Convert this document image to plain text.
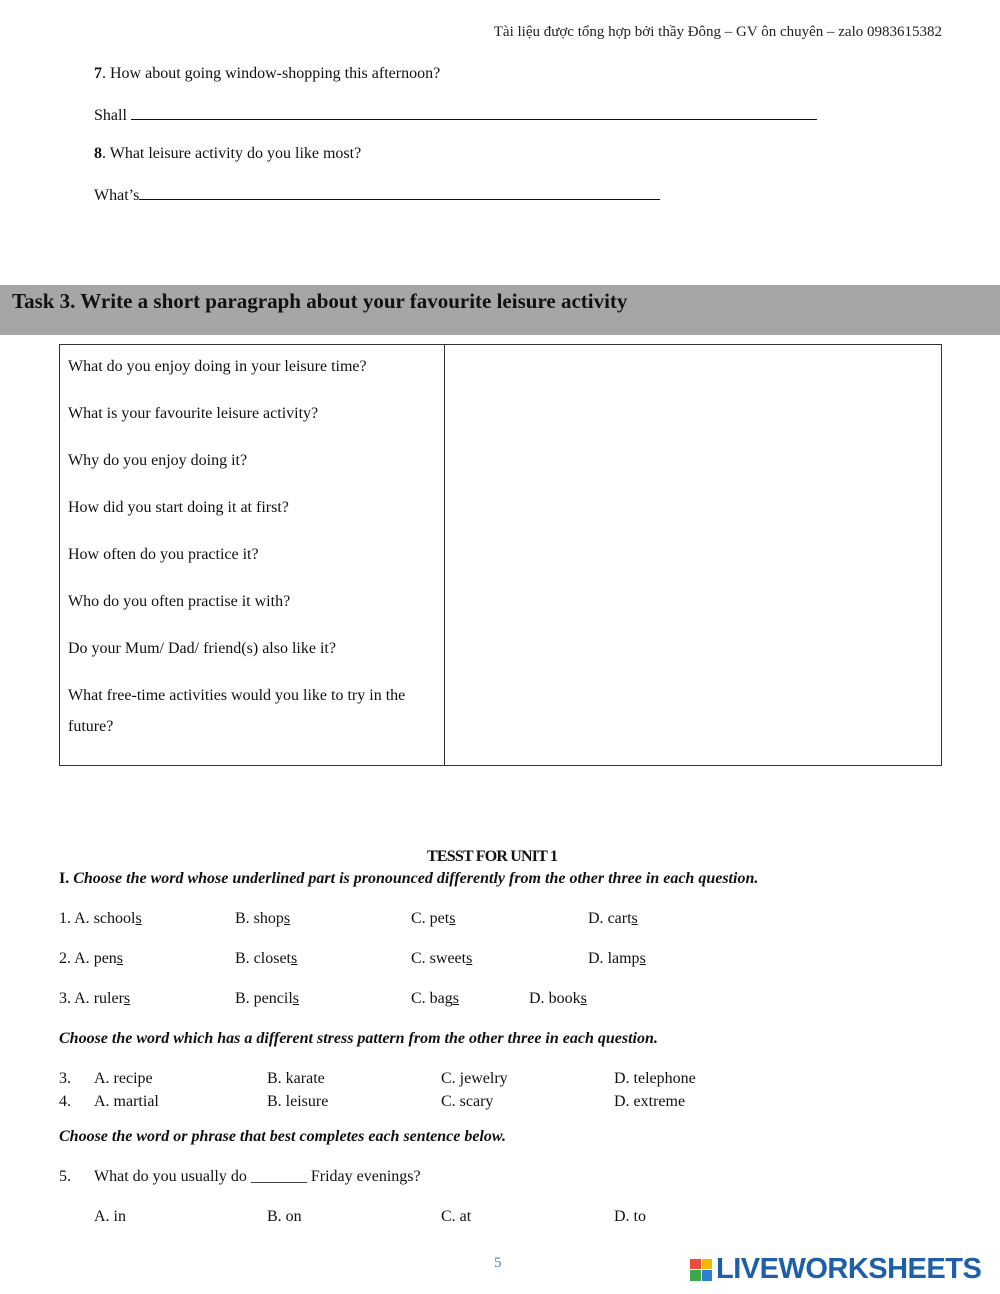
Tài liệu được tổng hợp bởi thầy Đông – GV ôn chuyên – zalo 0983615382
7. How about going window-shopping this afternoon?
Shall
8. What leisure activity do you like most?
What’s
Task 3. Write a short paragraph about your favourite leisure activity
What do you enjoy doing in your leisure time?
What is your favourite leisure activity?
Why do you enjoy doing it?
How did you start doing it at first?
How often do you practice it?
Who do you often practise it with?
Do your Mum/ Dad/ friend(s) also like it?
What free-time activities would you like to try in the future?

TESST FOR UNIT 1
I. Choose the word whose underlined part is pronounced differently from the other three in each question.
1. A. schools	B. shops	C. pets	D. carts
2. A. pens	B. closets	C. sweets	D. lamps
3. A. rulers	B. pencils	C. bags	D. books
Choose the word which has a different stress pattern from the other three in each question.
3. A. recipe	B. karate	C. jewelry	D. telephone
4. A. martial	B. leisure	C. scary	D. extreme
Choose the word or phrase that best completes each sentence below.
5. What do you usually do _______ Friday evenings?
A. in	B. on	C. at	D. to
5	LIVEWORKSHEETS
